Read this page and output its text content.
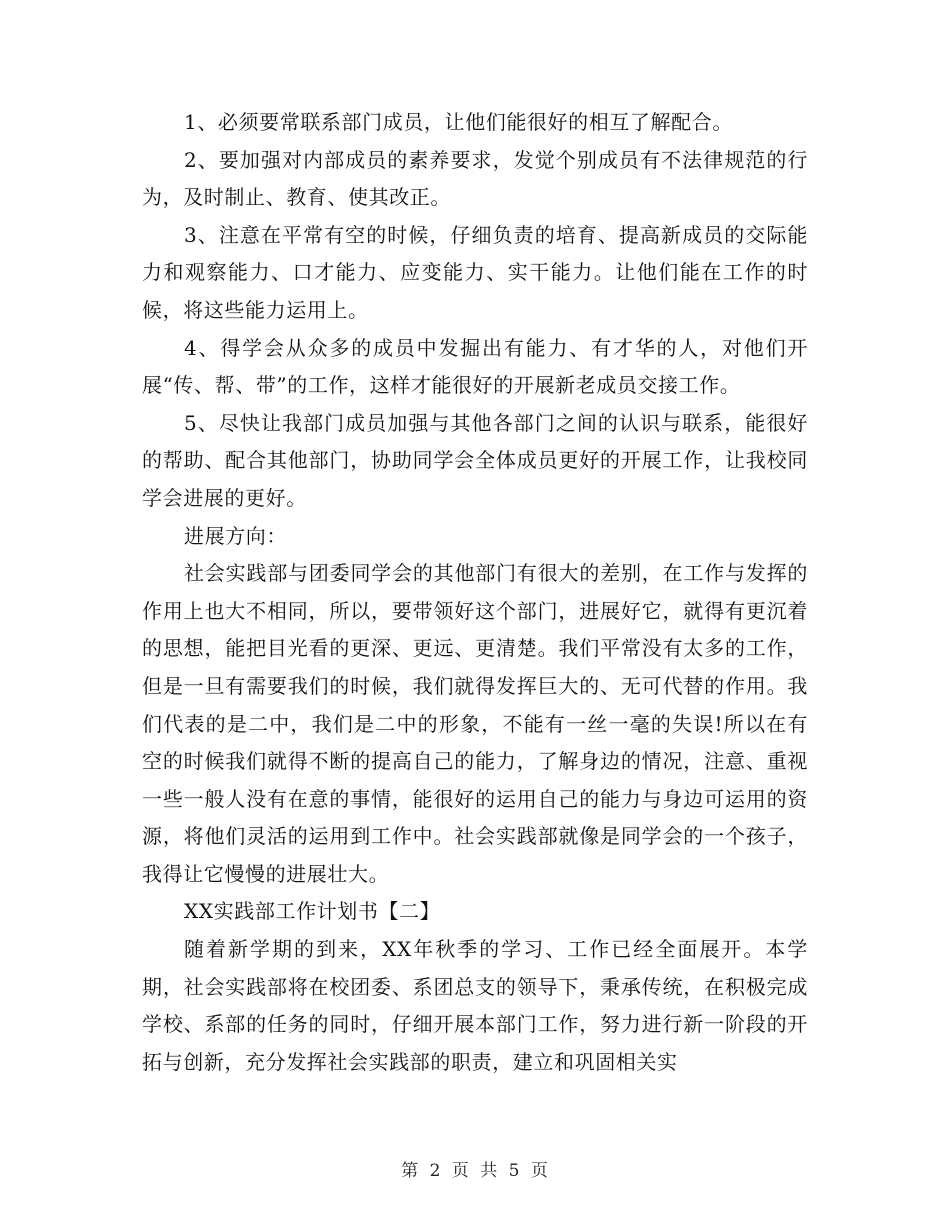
1、必须要常联系部门成员，让他们能很好的相互了解配合。

2、要加强对内部成员的素养要求，发觉个别成员有不法律规范的行为，及时制止、教育、使其改正。

3、注意在平常有空的时候，仔细负责的培育、提高新成员的交际能力和观察能力、口才能力、应变能力、实干能力。让他们能在工作的时候，将这些能力运用上。

4、得学会从众多的成员中发掘出有能力、有才华的人，对他们开展“传、帮、带”的工作，这样才能很好的开展新老成员交接工作。

5、尽快让我部门成员加强与其他各部门之间的认识与联系，能很好的帮助、配合其他部门，协助同学会全体成员更好的开展工作，让我校同学会进展的更好。

进展方向：

社会实践部与团委同学会的其他部门有很大的差别，在工作与发挥的作用上也大不相同，所以，要带领好这个部门，进展好它，就得有更沉着的思想，能把目光看的更深、更远、更清楚。我们平常没有太多的工作，但是一旦有需要我们的时候，我们就得发挥巨大的、无可代替的作用。我们代表的是二中，我们是二中的形象，不能有一丝一毫的失误!所以在有空的时候我们就得不断的提高自己的能力，了解身边的情况，注意、重视一些一般人没有在意的事情，能很好的运用自己的能力与身边可运用的资源，将他们灵活的运用到工作中。社会实践部就像是同学会的一个孩子，我得让它慢慢的进展壮大。

XX实践部工作计划书【二】

随着新学期的到来，XX年秋季的学习、工作已经全面展开。本学期，社会实践部将在校团委、系团总支的领导下，秉承传统，在积极完成学校、系部的任务的同时，仔细开展本部门工作，努力进行新一阶段的开拓与创新，充分发挥社会实践部的职责，建立和巩固相关实

第 2 页 共 5 页
